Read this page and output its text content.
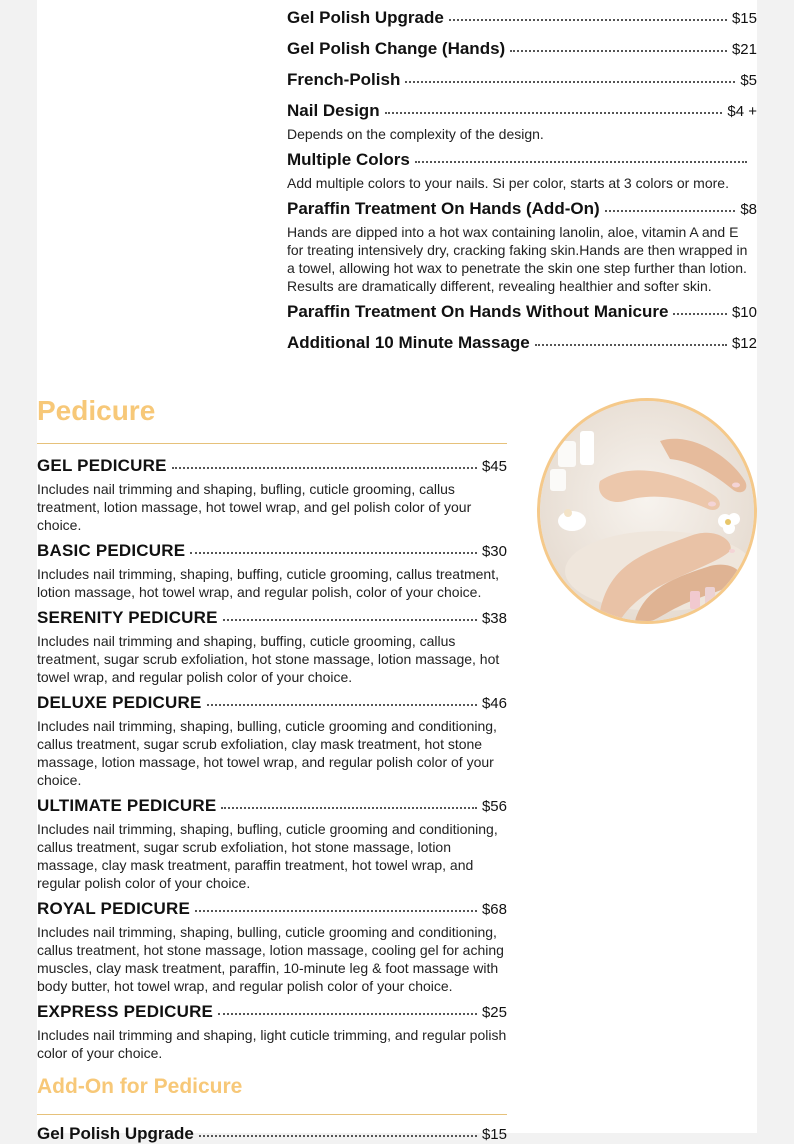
Gel Polish Upgrade	$15
Gel Polish Change (Hands)	$21
French-Polish	$5
Nail Design	$4 +
Depends on the complexity of the design.
Multiple Colors
Add multiple colors to your nails. Si per color, starts at 3 colors or more.
Paraffin Treatment On Hands (Add-On)	$8
Hands are dipped into a hot wax containing lanolin, aloe, vitamin A and E for treating intensively dry, cracking faking skin.Hands are then wrapped in a towel, allowing hot wax to penetrate the skin one step further than lotion. Results are dramatically different, revealing healthier and softer skin.
Paraffin Treatment On Hands Without Manicure	$10
Additional 10 Minute Massage	$12
Pedicure
GEL PEDICURE	$45
Includes nail trimming and shaping, bufling, cuticle grooming, callus treatment, lotion massage, hot towel wrap, and gel polish color of your choice.
BASIC PEDICURE	$30
Includes nail trimming, shaping, buffing, cuticle grooming, callus treatment, lotion massage, hot towel wrap, and regular polish, color of your choice.
SERENITY PEDICURE	$38
Includes nail trimming and shaping, buffing, cuticle grooming, callus treatment, sugar scrub exfoliation, hot stone massage, lotion massage, hot towel wrap, and regular polish color of your choice.
DELUXE PEDICURE	$46
Includes nail trimming, shaping, bulling, cuticle grooming and conditioning, callus treatment, sugar scrub exfoliation, clay mask treatment, hot stone massage, lotion massage, hot towel wrap, and regular polish color of your choice.
ULTIMATE PEDICURE	$56
Includes nail trimming, shaping, bufling, cuticle grooming and conditioning, callus treatment, sugar scrub exfoliation, hot stone massage, lotion massage, clay mask treatment, paraffin treatment, hot towel wrap, and regular polish color of your choice.
ROYAL PEDICURE	$68
Includes nail trimming, shaping, bulling, cuticle grooming and conditioning, callus treatment, hot stone massage, lotion massage, cooling gel for aching muscles, clay mask treatment, paraffin, 10-minute leg & foot massage with body butter, hot towel wrap, and regular polish color of your choice.
EXPRESS PEDICURE	$25
Includes nail trimming and shaping, light cuticle trimming, and regular polish color of your choice.
Add-On for Pedicure
Gel Polish Upgrade	$15
